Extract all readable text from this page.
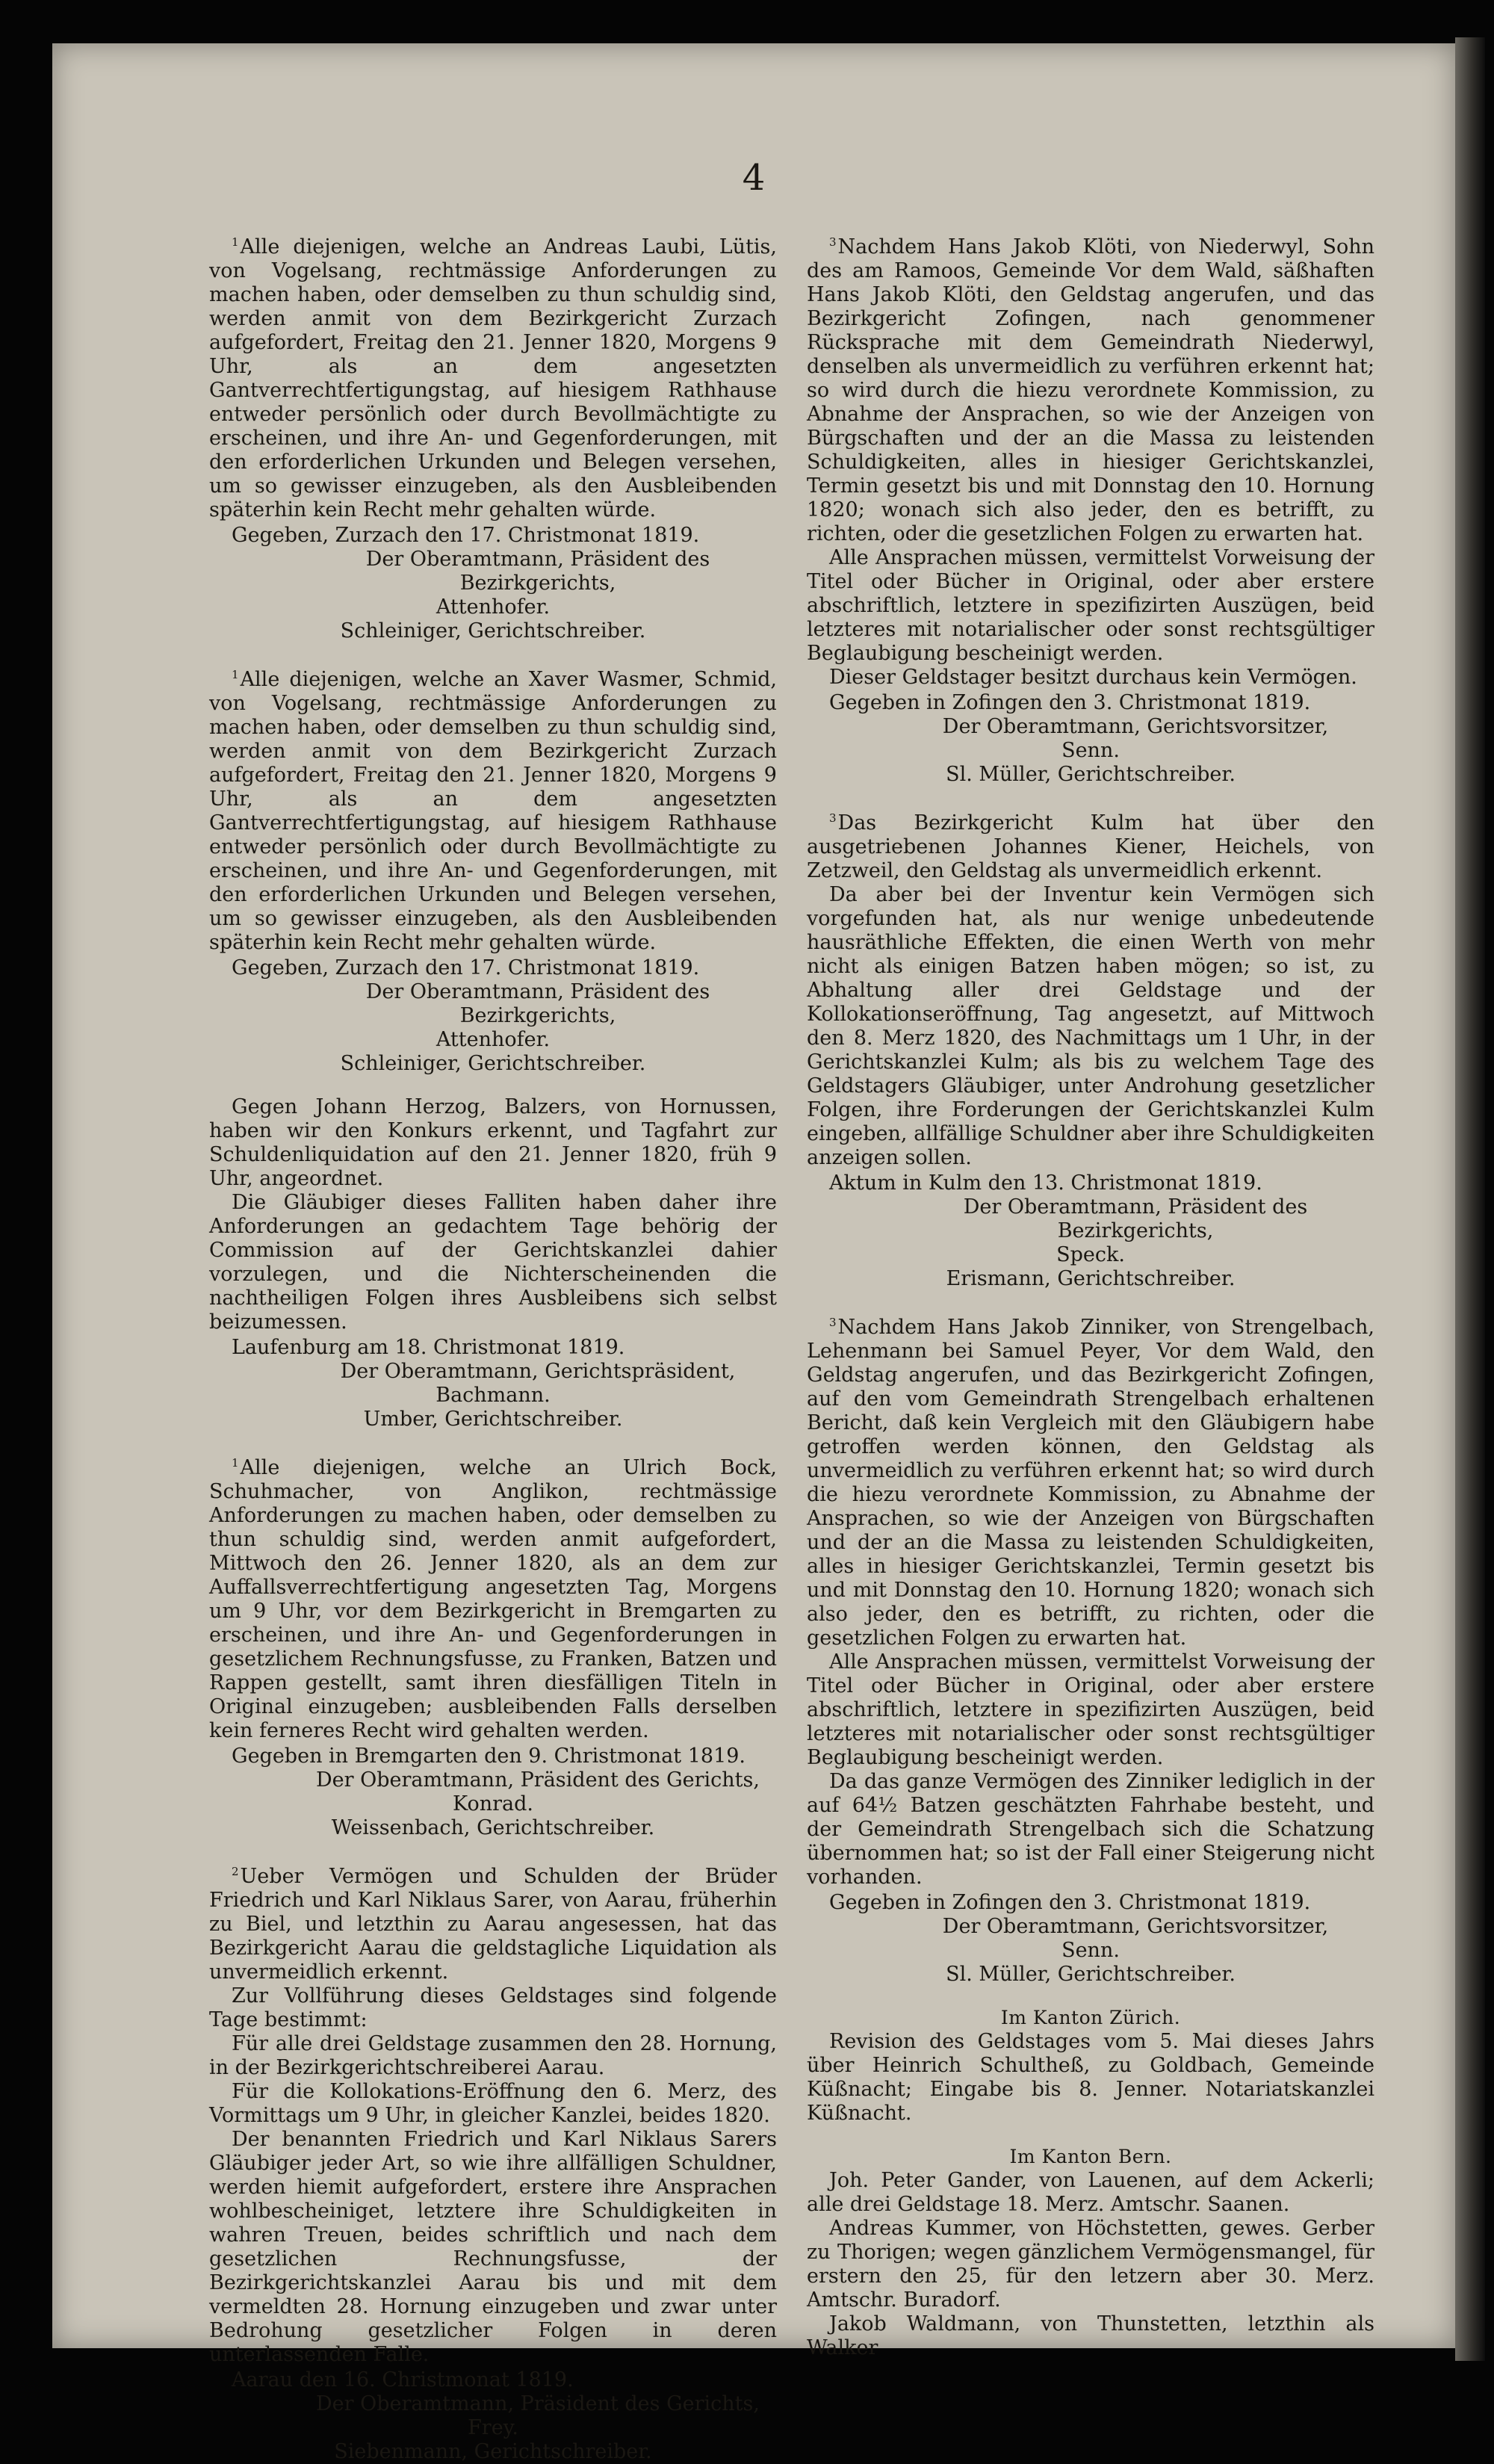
4

$^1$Alle diejenigen, welche an Andreas Laubi, Lütis, von Vogelsang, rechtmässige Anforderungen zu machen haben, oder demselben zu thun schuldig sind, werden anmit von dem Bezirkgericht Zurzach aufgefordert, Freitag den 21. Jenner 1820, Morgens 9 Uhr, als an dem angesetzten Gantverrechtfertigungstag, auf hiesigem Rathhause entweder persönlich oder durch Bevollmächtigte zu erscheinen, und ihre An- und Gegenforderungen, mit den erforderlichen Urkunden und Belegen versehen, um so gewisser einzugeben, als den Ausbleibenden späterhin kein Recht mehr gehalten würde.

Gegeben, Zurzach den 17. Christmonat 1819.

Der Oberamtmann, Präsident des Bezirkgerichts,

Attenhofer.

Schleiniger, Gerichtschreiber.

$^1$Alle diejenigen, welche an Xaver Wasmer, Schmid, von Vogelsang, rechtmässige Anforderungen zu machen haben, oder demselben zu thun schuldig sind, werden anmit von dem Bezirkgericht Zurzach aufgefordert, Freitag den 21. Jenner 1820, Morgens 9 Uhr, als an dem angesetzten Gantverrechtfertigungstag, auf hiesigem Rathhause entweder persönlich oder durch Bevollmächtigte zu erscheinen, und ihre An- und Gegenforderungen, mit den erforderlichen Urkunden und Belegen versehen, um so gewisser einzugeben, als den Ausbleibenden späterhin kein Recht mehr gehalten würde.

Gegeben, Zurzach den 17. Christmonat 1819.

Der Oberamtmann, Präsident des Bezirkgerichts,

Attenhofer.

Schleiniger, Gerichtschreiber.

Gegen Johann Herzog, Balzers, von Hornussen, haben wir den Konkurs erkennt, und Tagfahrt zur Schuldenliquidation auf den 21. Jenner 1820, früh 9 Uhr, angeordnet.

Die Gläubiger dieses Falliten haben daher ihre Anforderungen an gedachtem Tage behörig der Commission auf der Gerichtskanzlei dahier vorzulegen, und die Nichterscheinenden die nachtheiligen Folgen ihres Ausbleibens sich selbst beizumessen.

Laufenburg am 18. Christmonat 1819.

Der Oberamtmann, Gerichtspräsident,

Bachmann.

Umber, Gerichtschreiber.

$^1$Alle diejenigen, welche an Ulrich Bock, Schuhmacher, von Anglikon, rechtmässige Anforderungen zu machen haben, oder demselben zu thun schuldig sind, werden anmit aufgefordert, Mittwoch den 26. Jenner 1820, als an dem zur Auffallsverrechtfertigung angesetzten Tag, Morgens um 9 Uhr, vor dem Bezirkgericht in Bremgarten zu erscheinen, und ihre An- und Gegenforderungen in gesetzlichem Rechnungsfusse, zu Franken, Batzen und Rappen gestellt, samt ihren diesfälligen Titeln in Original einzugeben; ausbleibenden Falls derselben kein ferneres Recht wird gehalten werden.

Gegeben in Bremgarten den 9. Christmonat 1819.

Der Oberamtmann, Präsident des Gerichts,

Konrad.

Weissenbach, Gerichtschreiber.

$^2$Ueber Vermögen und Schulden der Brüder Friedrich und Karl Niklaus Sarer, von Aarau, früherhin zu Biel, und letzthin zu Aarau angesessen, hat das Bezirkgericht Aarau die geldstagliche Liquidation als unvermeidlich erkennt.

Zur Vollführung dieses Geldstages sind folgende Tage bestimmt:

Für alle drei Geldstage zusammen den 28. Hornung, in der Bezirkgerichtschreiberei Aarau.

Für die Kollokations-Eröffnung den 6. Merz, des Vormittags um 9 Uhr, in gleicher Kanzlei, beides 1820.

Der benannten Friedrich und Karl Niklaus Sarers Gläubiger jeder Art, so wie ihre allfälligen Schuldner, werden hiemit aufgefordert, erstere ihre Ansprachen wohlbescheiniget, letztere ihre Schuldigkeiten in wahren Treuen, beides schriftlich und nach dem gesetzlichen Rechnungsfusse, der Bezirkgerichtskanzlei Aarau bis und mit dem vermeldten 28. Hornung einzugeben und zwar unter Bedrohung gesetzlicher Folgen in deren unterlassenden Falle.

Aarau den 16. Christmonat 1819.

Der Oberamtmann, Präsident des Gerichts,

Frey.

Siebenmann, Gerichtschreiber.

$^3$Nachdem Hans Jakob Klöti, von Niederwyl, Sohn des am Ramoos, Gemeinde Vor dem Wald, säßhaften Hans Jakob Klöti, den Geldstag angerufen, und das Bezirkgericht Zofingen, nach genommener Rücksprache mit dem Gemeindrath Niederwyl, denselben als unvermeidlich zu verführen erkennt hat; so wird durch die hiezu verordnete Kommission, zu Abnahme der Ansprachen, so wie der Anzeigen von Bürgschaften und der an die Massa zu leistenden Schuldigkeiten, alles in hiesiger Gerichtskanzlei, Termin gesetzt bis und mit Donnstag den 10. Hornung 1820; wonach sich also jeder, den es betrifft, zu richten, oder die gesetzlichen Folgen zu erwarten hat.

Alle Ansprachen müssen, vermittelst Vorweisung der Titel oder Bücher in Original, oder aber erstere abschriftlich, letztere in spezifizirten Auszügen, beid letzteres mit notarialischer oder sonst rechtsgültiger Beglaubigung bescheinigt werden.

Dieser Geldstager besitzt durchaus kein Vermögen.

Gegeben in Zofingen den 3. Christmonat 1819.

Der Oberamtmann, Gerichtsvorsitzer,

Senn.

Sl. Müller, Gerichtschreiber.

$^3$Das Bezirkgericht Kulm hat über den ausgetriebenen Johannes Kiener, Heichels, von Zetzweil, den Geldstag als unvermeidlich erkennt.

Da aber bei der Inventur kein Vermögen sich vorgefunden hat, als nur wenige unbedeutende hausräthliche Effekten, die einen Werth von mehr nicht als einigen Batzen haben mögen; so ist, zu Abhaltung aller drei Geldstage und der Kollokationseröffnung, Tag angesetzt, auf Mittwoch den 8. Merz 1820, des Nachmittags um 1 Uhr, in der Gerichtskanzlei Kulm; als bis zu welchem Tage des Geldstagers Gläubiger, unter Androhung gesetzlicher Folgen, ihre Forderungen der Gerichtskanzlei Kulm eingeben, allfällige Schuldner aber ihre Schuldigkeiten anzeigen sollen.

Aktum in Kulm den 13. Christmonat 1819.

Der Oberamtmann, Präsident des Bezirkgerichts,

Speck.

Erismann, Gerichtschreiber.

$^3$Nachdem Hans Jakob Zinniker, von Strengelbach, Lehenmann bei Samuel Peyer, Vor dem Wald, den Geldstag angerufen, und das Bezirkgericht Zofingen, auf den vom Gemeindrath Strengelbach erhaltenen Bericht, daß kein Vergleich mit den Gläubigern habe getroffen werden können, den Geldstag als unvermeidlich zu verführen erkennt hat; so wird durch die hiezu verordnete Kommission, zu Abnahme der Ansprachen, so wie der Anzeigen von Bürgschaften und der an die Massa zu leistenden Schuldigkeiten, alles in hiesiger Gerichtskanzlei, Termin gesetzt bis und mit Donnstag den 10. Hornung 1820; wonach sich also jeder, den es betrifft, zu richten, oder die gesetzlichen Folgen zu erwarten hat.

Alle Ansprachen müssen, vermittelst Vorweisung der Titel oder Bücher in Original, oder aber erstere abschriftlich, letztere in spezifizirten Auszügen, beid letzteres mit notarialischer oder sonst rechtsgültiger Beglaubigung bescheinigt werden.

Da das ganze Vermögen des Zinniker lediglich in der auf 64½ Batzen geschätzten Fahrhabe besteht, und der Gemeindrath Strengelbach sich die Schatzung übernommen hat; so ist der Fall einer Steigerung nicht vorhanden.

Gegeben in Zofingen den 3. Christmonat 1819.

Der Oberamtmann, Gerichtsvorsitzer,

Senn.

Sl. Müller, Gerichtschreiber.

Im Kanton Zürich.

Revision des Geldstages vom 5. Mai dieses Jahrs über Heinrich Schultheß, zu Goldbach, Gemeinde Küßnacht; Eingabe bis 8. Jenner. Notariatskanzlei Küßnacht.

Im Kanton Bern.

Joh. Peter Gander, von Lauenen, auf dem Ackerli; alle drei Geldstage 18. Merz. Amtschr. Saanen.

Andreas Kummer, von Höchstetten, gewes. Gerber zu Thorigen; wegen gänzlichem Vermögensmangel, für erstern den 25, für den letzern aber 30. Merz. Amtschr. Buradorf.

Jakob Waldmann, von Thunstetten, letzthin als Walker
